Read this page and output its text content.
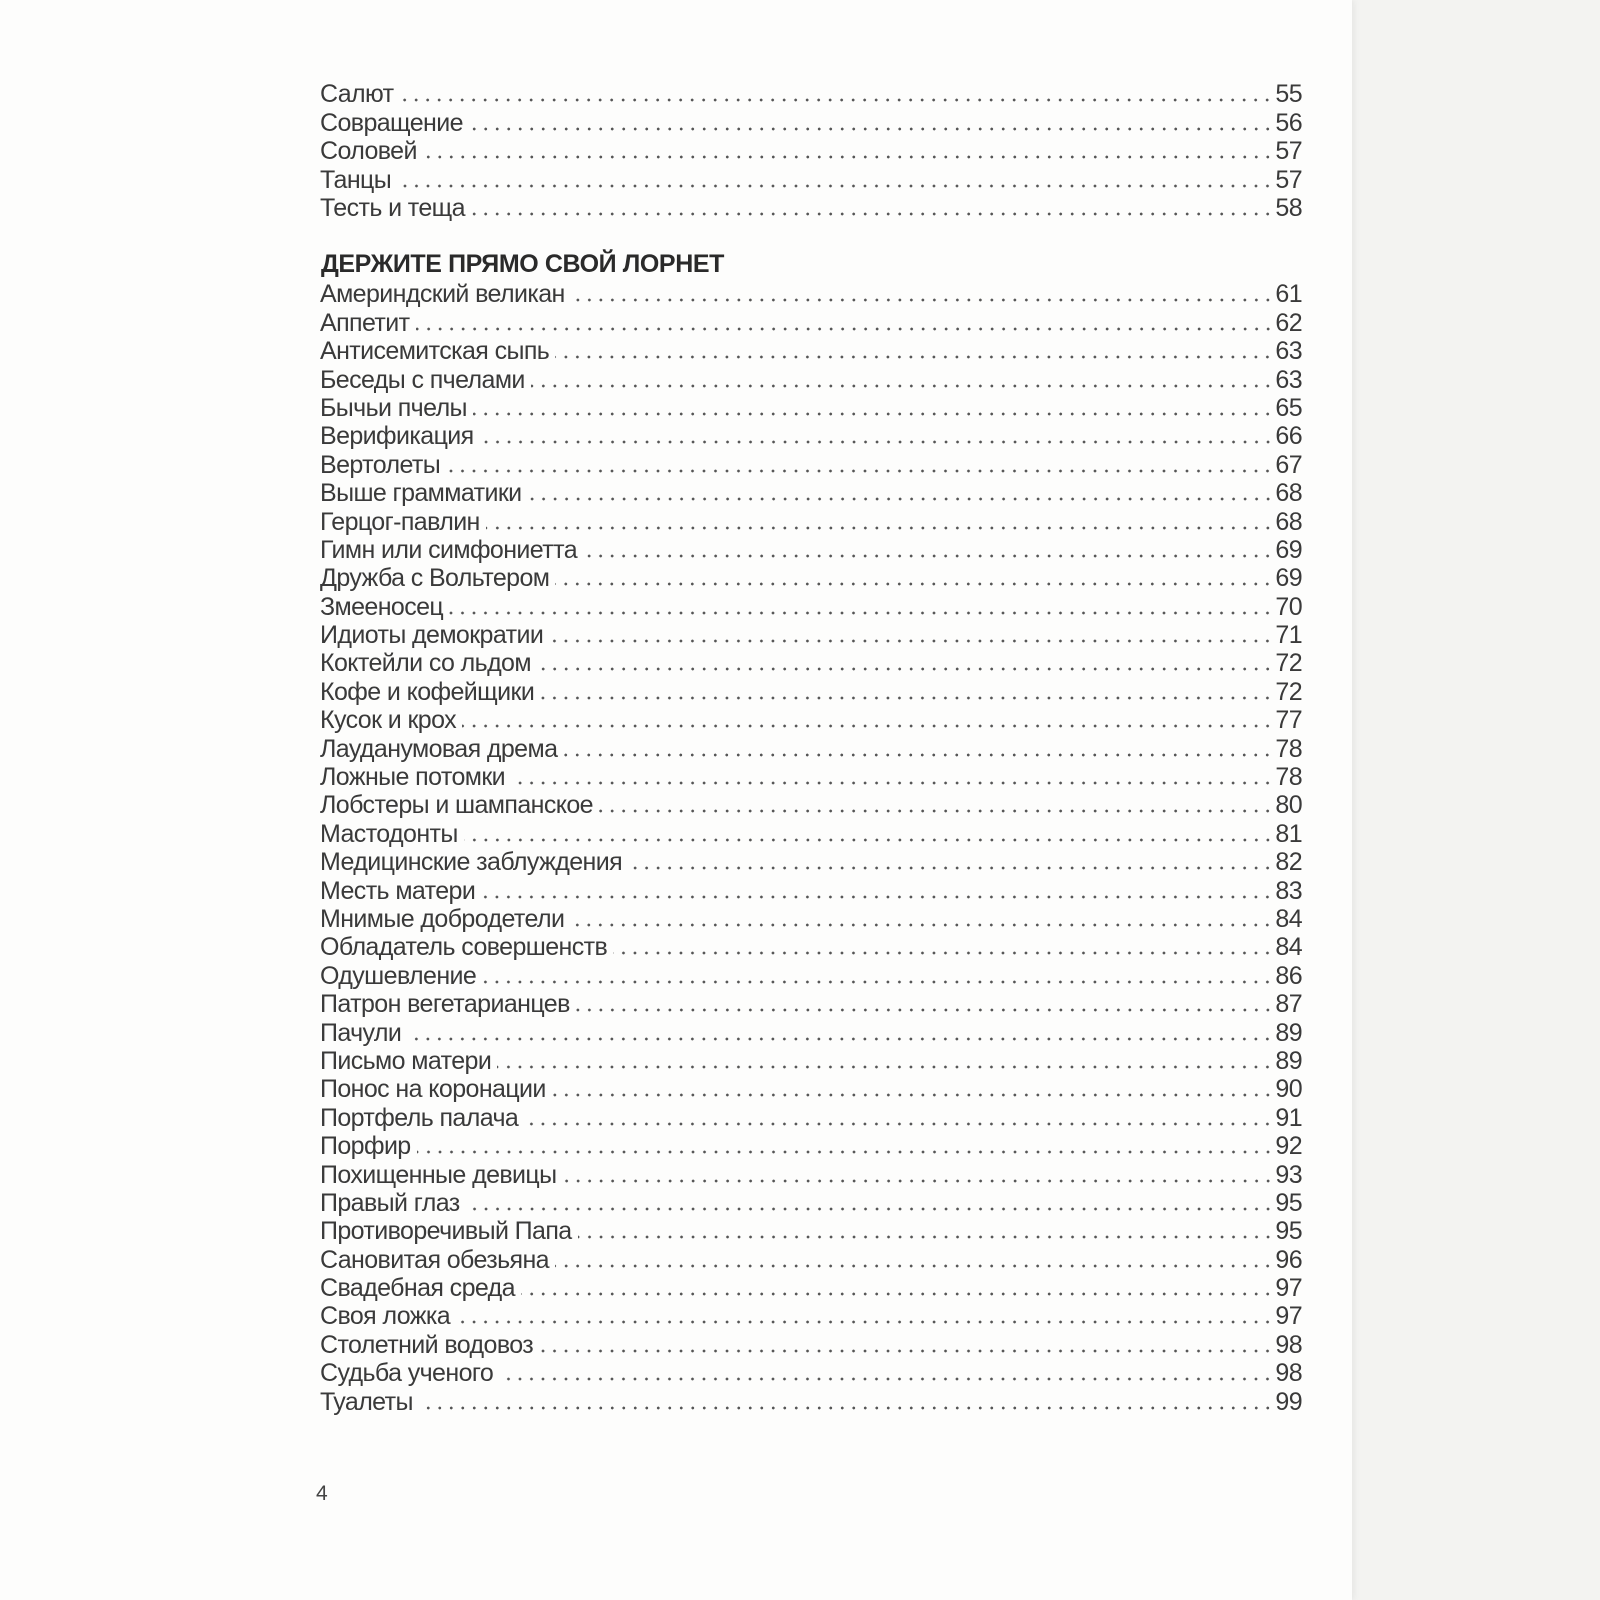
Салют	55
Совращение	56
Соловей	57
Танцы	57
Тесть и теща	58
ДЕРЖИТЕ ПРЯМО СВОЙ ЛОРНЕТ
Америндский великан	61
Аппетит	62
Антисемитская сыпь	63
Беседы с пчелами	63
Бычьи пчелы	65
Верификация	66
Вертолеты	67
Выше грамматики	68
Герцог-павлин	68
Гимн или симфониетта	69
Дружба с Вольтером	69
Змееносец	70
Идиоты демократии	71
Коктейли со льдом	72
Кофе и кофейщики	72
Кусок и крох	77
Лауданумовая дрема	78
Ложные потомки	78
Лобстеры и шампанское	80
Мастодонты	81
Медицинские заблуждения	82
Месть матери	83
Мнимые добродетели	84
Обладатель совершенств	84
Одушевление	86
Патрон вегетарианцев	87
Пачули	89
Письмо матери	89
Понос на коронации	90
Портфель палача	91
Порфир	92
Похищенные девицы	93
Правый глаз	95
Противоречивый Папа	95
Сановитая обезьяна	96
Свадебная среда	97
Своя ложка	97
Столетний водовоз	98
Судьба ученого	98
Туалеты	99
4
